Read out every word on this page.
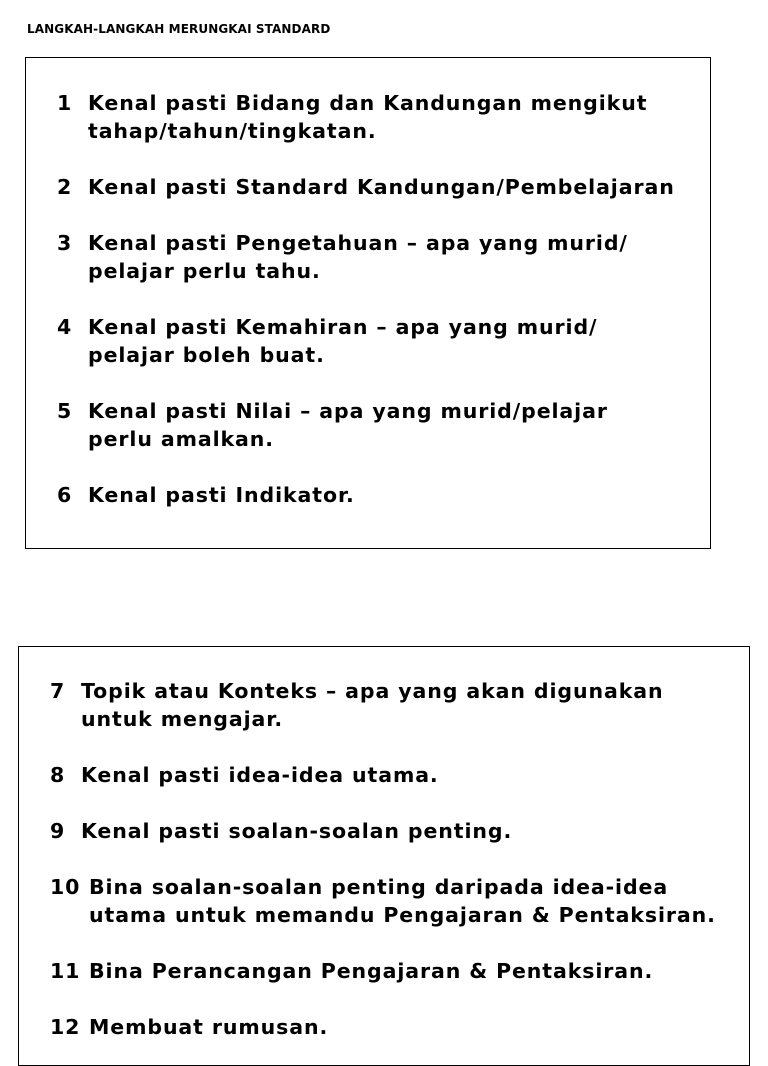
LANGKAH-LANGKAH MERUNGKAI STANDARD
1 Kenal pasti Bidang dan Kandungan mengikut
tahap/tahun/tingkatan.
2 Kenal pasti Standard Kandungan/Pembelajaran
3 Kenal pasti Pengetahuan – apa yang murid/
pelajar perlu tahu.
4 Kenal pasti Kemahiran – apa yang murid/
pelajar boleh buat.
5 Kenal pasti Nilai – apa yang murid/pelajar
perlu amalkan.
6 Kenal pasti Indikator.
7 Topik atau Konteks – apa yang akan digunakan
untuk mengajar.
8 Kenal pasti idea-idea utama.
9 Kenal pasti soalan-soalan penting.
10 Bina soalan-soalan penting daripada idea-idea
utama untuk memandu Pengajaran & Pentaksiran.
11 Bina Perancangan Pengajaran & Pentaksiran.
12 Membuat rumusan.
